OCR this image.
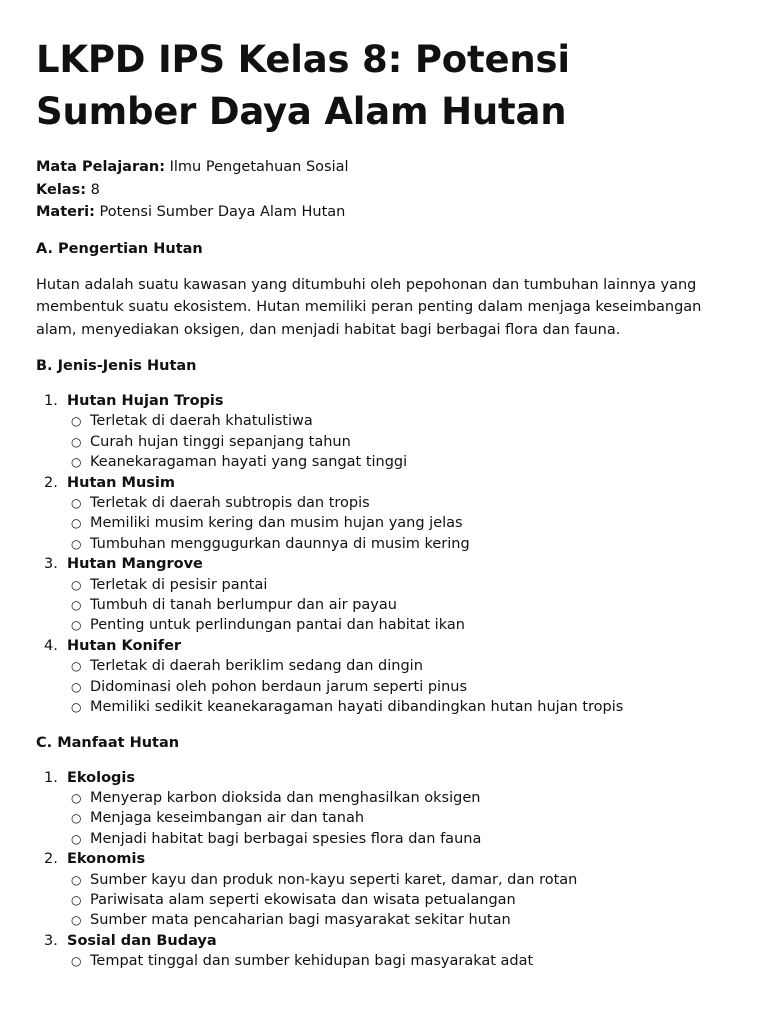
LKPD IPS Kelas 8: Potensi Sumber Daya Alam Hutan
Mata Pelajaran: Ilmu Pengetahuan Sosial
Kelas: 8
Materi: Potensi Sumber Daya Alam Hutan
A. Pengertian Hutan
Hutan adalah suatu kawasan yang ditumbuhi oleh pepohonan dan tumbuhan lainnya yang membentuk suatu ekosistem. Hutan memiliki peran penting dalam menjaga keseimbangan alam, menyediakan oksigen, dan menjadi habitat bagi berbagai flora dan fauna.
B. Jenis-Jenis Hutan
1. Hutan Hujan Tropis
○ Terletak di daerah khatulistiwa
○ Curah hujan tinggi sepanjang tahun
○ Keanekaragaman hayati yang sangat tinggi
2. Hutan Musim
○ Terletak di daerah subtropis dan tropis
○ Memiliki musim kering dan musim hujan yang jelas
○ Tumbuhan menggugurkan daunnya di musim kering
3. Hutan Mangrove
○ Terletak di pesisir pantai
○ Tumbuh di tanah berlumpur dan air payau
○ Penting untuk perlindungan pantai dan habitat ikan
4. Hutan Konifer
○ Terletak di daerah beriklim sedang dan dingin
○ Didominasi oleh pohon berdaun jarum seperti pinus
○ Memiliki sedikit keanekaragaman hayati dibandingkan hutan hujan tropis
C. Manfaat Hutan
1. Ekologis
○ Menyerap karbon dioksida dan menghasilkan oksigen
○ Menjaga keseimbangan air dan tanah
○ Menjadi habitat bagi berbagai spesies flora dan fauna
2. Ekonomis
○ Sumber kayu dan produk non-kayu seperti karet, damar, dan rotan
○ Pariwisata alam seperti ekowisata dan wisata petualangan
○ Sumber mata pencaharian bagi masyarakat sekitar hutan
3. Sosial dan Budaya
○ Tempat tinggal dan sumber kehidupan bagi masyarakat adat
